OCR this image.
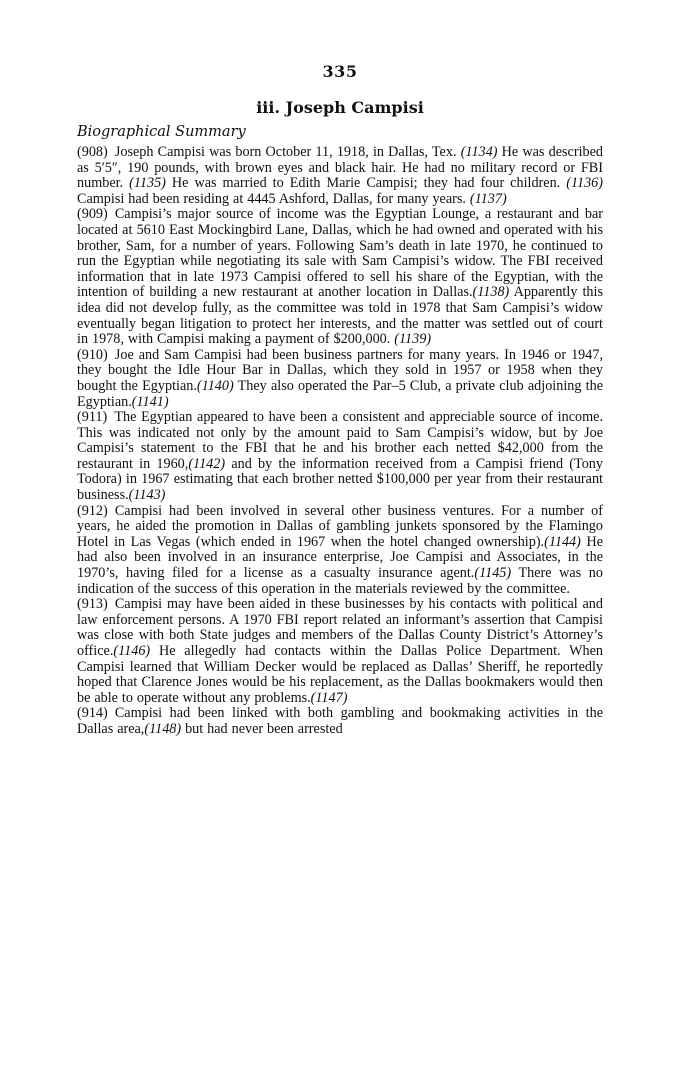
335
iii. Joseph Campisi
Biographical Summary

(908)  Joseph Campisi was born October 11, 1918, in Dallas, Tex. (1134) He was described as 5′5″, 190 pounds, with brown eyes and black hair. He had no military record or FBI number. (1135) He was married to Edith Marie Campisi; they had four children. (1136) Campisi had been residing at 4445 Ashford, Dallas, for many years. (1137)

(909)  Campisi’s major source of income was the Egyptian Lounge, a restaurant and bar located at 5610 East Mockingbird Lane, Dallas, which he had owned and operated with his brother, Sam, for a number of years. Following Sam’s death in late 1970, he continued to run the Egyptian while negotiating its sale with Sam Campisi’s widow. The FBI received information that in late 1973 Campisi offered to sell his share of the Egyptian, with the intention of building a new restaurant at another location in Dallas.(1138) Apparently this idea did not develop fully, as the committee was told in 1978 that Sam Campisi’s widow eventually began litigation to protect her interests, and the matter was settled out of court in 1978, with Campisi making a payment of $200,000. (1139)

(910)  Joe and Sam Campisi had been business partners for many years. In 1946 or 1947, they bought the Idle Hour Bar in Dallas, which they sold in 1957 or 1958 when they bought the Egyptian.(1140) They also operated the Par–5 Club, a private club adjoining the Egyptian.(1141)

(911)  The Egyptian appeared to have been a consistent and appreciable source of income. This was indicated not only by the amount paid to Sam Campisi’s widow, but by Joe Campisi’s statement to the FBI that he and his brother each netted $42,000 from the restaurant in 1960,(1142) and by the information received from a Campisi friend (Tony Todora) in 1967 estimating that each brother netted $100,000 per year from their restaurant business.(1143)

(912)  Campisi had been involved in several other business ventures. For a number of years, he aided the promotion in Dallas of gambling junkets sponsored by the Flamingo Hotel in Las Vegas (which ended in 1967 when the hotel changed ownership).(1144) He had also been involved in an insurance enterprise, Joe Campisi and Associates, in the 1970’s, having filed for a license as a casualty insurance agent.(1145) There was no indication of the success of this operation in the materials reviewed by the committee.

(913)  Campisi may have been aided in these businesses by his contacts with political and law enforcement persons. A 1970 FBI report related an informant’s assertion that Campisi was close with both State judges and members of the Dallas County District’s Attorney’s office.(1146) He allegedly had contacts within the Dallas Police Department. When Campisi learned that William Decker would be replaced as Dallas’ Sheriff, he reportedly hoped that Clarence Jones would be his replacement, as the Dallas bookmakers would then be able to operate without any problems.(1147)

(914)  Campisi had been linked with both gambling and bookmaking activities in the Dallas area,(1148) but had never been arrested
